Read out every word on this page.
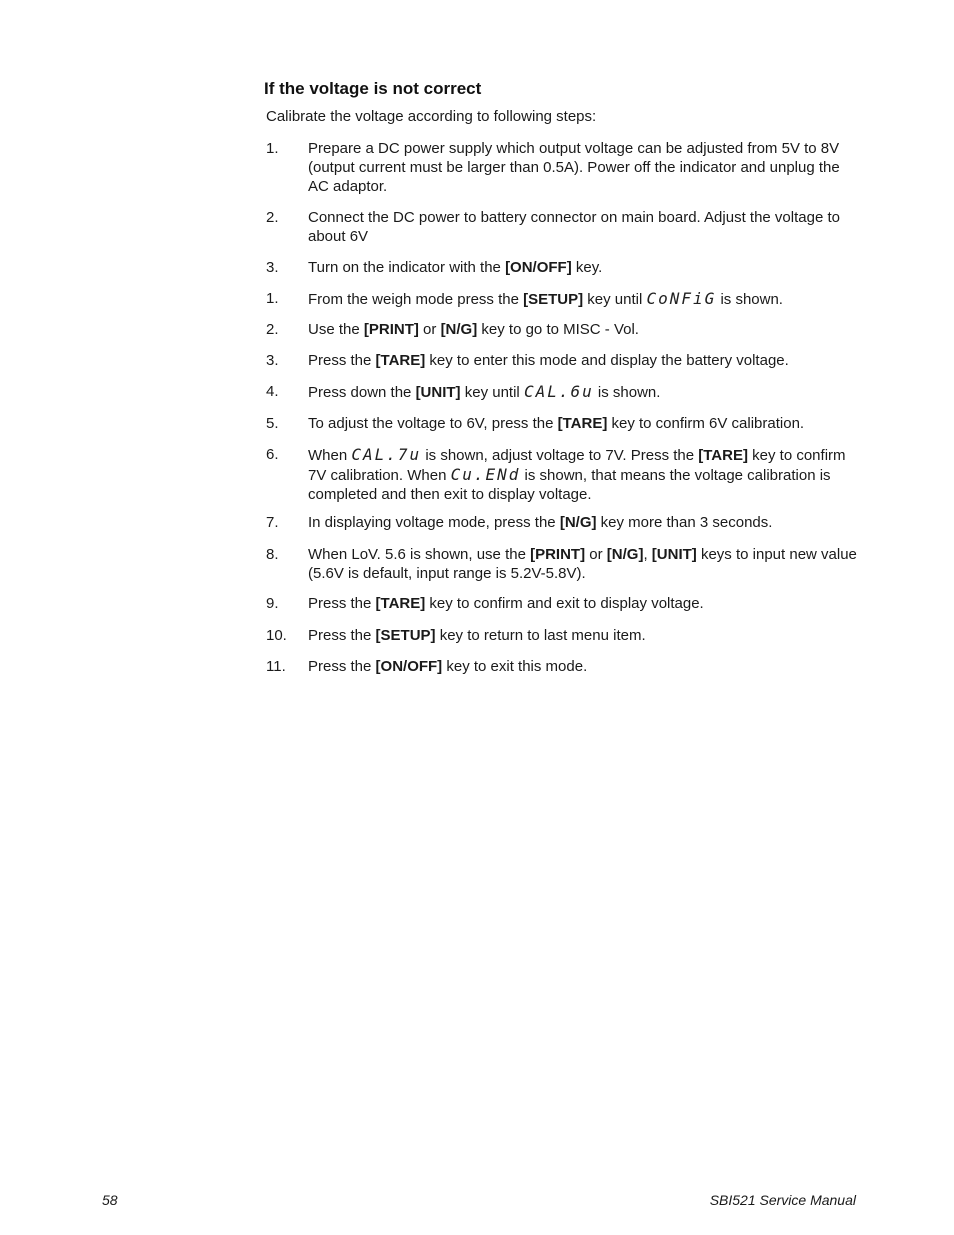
If the voltage is not correct
Calibrate the voltage according to following steps:
1. Prepare a DC power supply which output voltage can be adjusted from 5V to 8V (output current must be larger than 0.5A). Power off the indicator and unplug the AC adaptor.
2. Connect the DC power to battery connector on main board. Adjust the voltage to about 6V
3. Turn on the indicator with the [ON/OFF] key.
1. From the weigh mode press the [SETUP] key until CoNFiG is shown.
2. Use the [PRINT] or [N/G] key to go to MISC - Vol.
3. Press the [TARE] key to enter this mode and display the battery voltage.
4. Press down the [UNIT] key until CAL.6u is shown.
5. To adjust the voltage to 6V, press the [TARE] key to confirm 6V calibration.
6. When CAL.7u is shown, adjust voltage to 7V. Press the [TARE] key to confirm 7V calibration. When Cu.ENd is shown, that means the voltage calibration is completed and then exit to display voltage.
7. In displaying voltage mode, press the [N/G] key more than 3 seconds.
8. When LoV. 5.6 is shown, use the [PRINT] or [N/G], [UNIT] keys to input new value (5.6V is default, input range is 5.2V-5.8V).
9. Press the [TARE] key to confirm and exit to display voltage.
10. Press the [SETUP] key to return to last menu item.
11. Press the [ON/OFF] key to exit this mode.
58	SBI521 Service Manual
